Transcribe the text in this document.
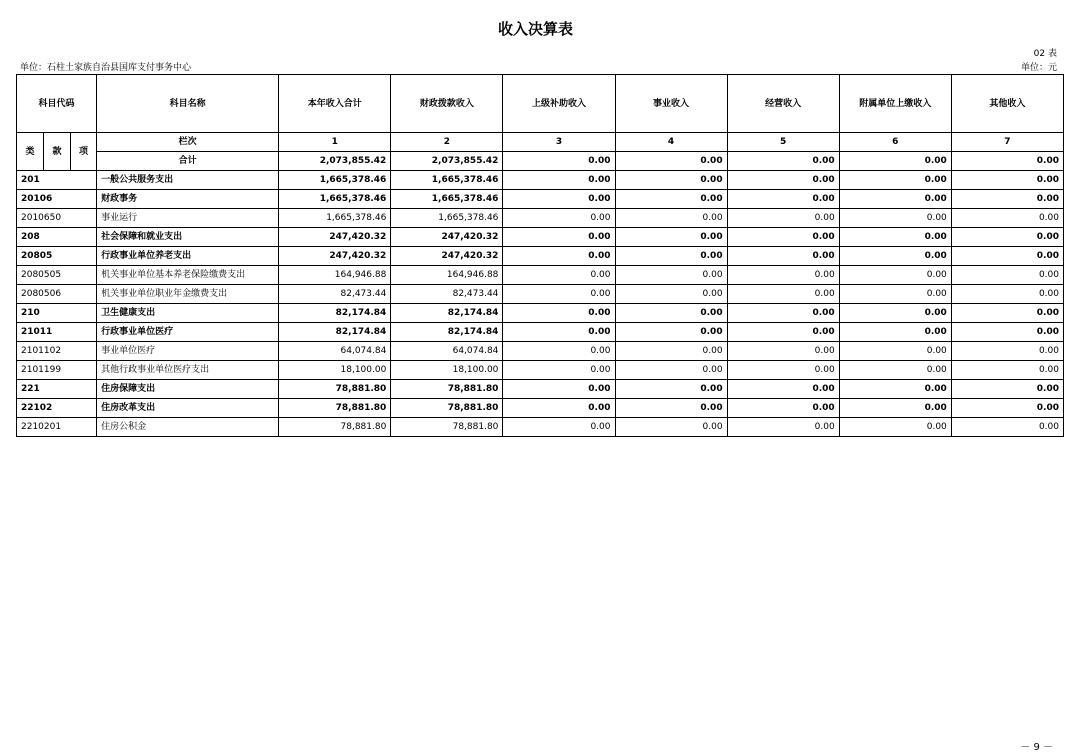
收入决算表
02 表
单位：石柱土家族自治县国库支付事务中心	单位：元
科目代码			科目名称	本年收入合计	财政拨款收入	上级补助收入	事业收入	经营收入	附属单位上缴收入	其他收入
类	款	项	栏次	1	2	3	4	5	6	7
			合计	2,073,855.42	2,073,855.42	0.00	0.00	0.00	0.00	0.00
201			一般公共服务支出	1,665,378.46	1,665,378.46	0.00	0.00	0.00	0.00	0.00
20106			财政事务	1,665,378.46	1,665,378.46	0.00	0.00	0.00	0.00	0.00
2010650			事业运行	1,665,378.46	1,665,378.46	0.00	0.00	0.00	0.00	0.00
208			社会保障和就业支出	247,420.32	247,420.32	0.00	0.00	0.00	0.00	0.00
20805			行政事业单位养老支出	247,420.32	247,420.32	0.00	0.00	0.00	0.00	0.00
2080505			机关事业单位基本养老保险缴费支出	164,946.88	164,946.88	0.00	0.00	0.00	0.00	0.00
2080506			机关事业单位职业年金缴费支出	82,473.44	82,473.44	0.00	0.00	0.00	0.00	0.00
210			卫生健康支出	82,174.84	82,174.84	0.00	0.00	0.00	0.00	0.00
21011			行政事业单位医疗	82,174.84	82,174.84	0.00	0.00	0.00	0.00	0.00
2101102			事业单位医疗	64,074.84	64,074.84	0.00	0.00	0.00	0.00	0.00
2101199			其他行政事业单位医疗支出	18,100.00	18,100.00	0.00	0.00	0.00	0.00	0.00
221			住房保障支出	78,881.80	78,881.80	0.00	0.00	0.00	0.00	0.00
22102			住房改革支出	78,881.80	78,881.80	0.00	0.00	0.00	0.00	0.00
2210201			住房公积金	78,881.80	78,881.80	0.00	0.00	0.00	0.00	0.00
－ 9 －
